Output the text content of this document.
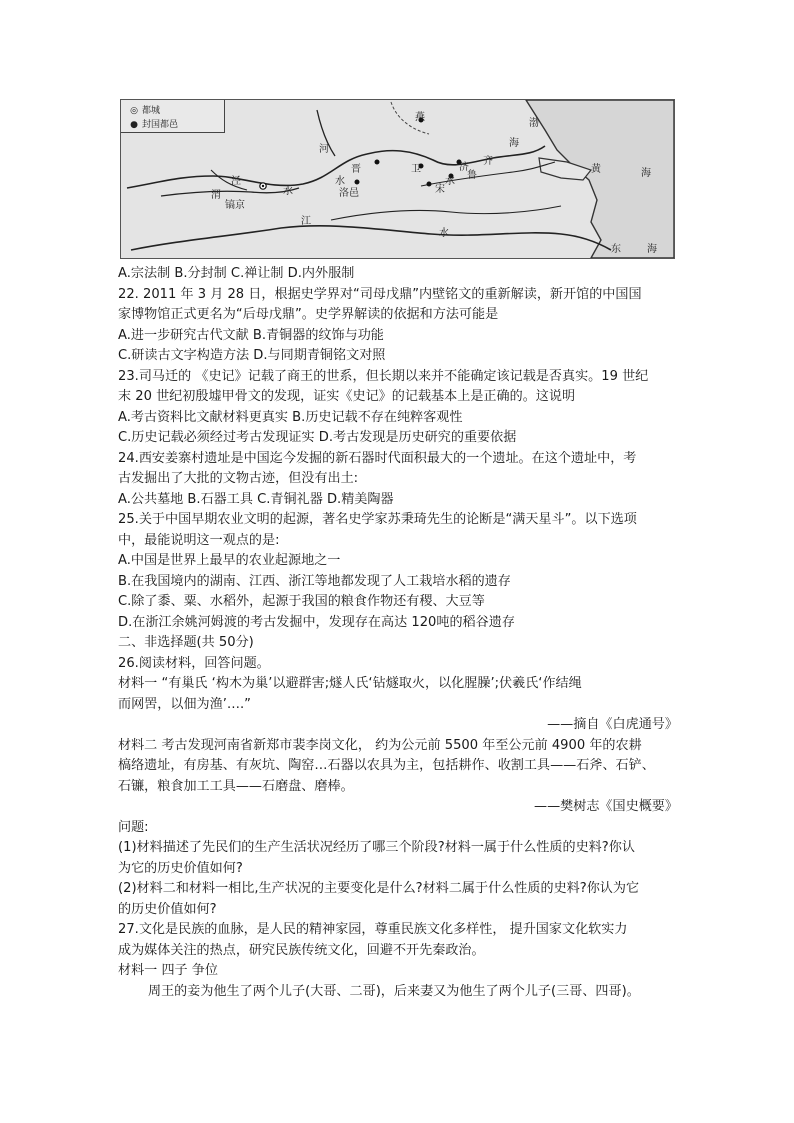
◎ 都城
● 封国都邑
燕
渤
海
黄	海
河
晋
水
卫	济
齐
水
鲁
宋
泾
水
渭
镐京
洛邑
江
水
东	海

A.宗法制 B.分封制 C.禅让制 D.内外服制

22. 2011 年 3 月 28 日，根据史学界对“司母戊鼎”内壁铭文的重新解读，新开馆的中国国

家博物馆正式更名为“后母戊鼎”。史学界解读的依据和方法可能是

A.进一步研究古代文献 B.青铜器的纹饰与功能

C.研读古文字构造方法 D.与同期青铜铭文对照

23.司马迁的 《史记》记载了商王的世系，但长期以来并不能确定该记载是否真实。19 世纪

末 20 世纪初殷墟甲骨文的发现，证实《史记》的记载基本上是正确的。这说明

A.考古资料比文献材料更真实 B.历史记载不存在纯粹客观性

C.历史记载必须经过考古发现证实 D.考古发现是历史研究的重要依据

24.西安姜寨村遗址是中国迄今发掘的新石器时代面积最大的一个遗址。在这个遗址中，考

古发掘出了大批的文物古迹，但没有出土:

A.公共墓地 B.石器工具 C.青铜礼器 D.精美陶器

25.关于中国早期农业文明的起源，著名史学家苏秉琦先生的论断是“满天星斗”。以下选项

中，最能说明这一观点的是:

A.中国是世界上最早的农业起源地之一

B.在我国境内的湖南、江西、浙江等地都发现了人工栽培水稻的遗存

C.除了黍、粟、水稻外，起源于我国的粮食作物还有稷、大豆等

D.在浙江余姚河姆渡的考古发掘中，发现存在高达 120吨的稻谷遗存

二、非选择题(共 50分)

26.阅读材料，回答问题。

材料一 “有巢氏 ‘构木为巢’以避群害;燧人氏‘钻燧取火，以化腥臊’;伏羲氏‘作结绳

而网罟，以佃为渔’….”

——摘自《白虎通号》

材料二 考古发现河南省新郑市裴李岗文化， 约为公元前 5500 年至公元前 4900 年的农耕

槁络遗址，有房基、有灰坑、陶窑…石器以农具为主，包括耕作、收割工具——石斧、石铲、

石镰，粮食加工工具——石磨盘、磨棒。

——樊树志《国史概要》

问题:

(1)材料描述了先民们的生产生活状况经历了哪三个阶段?材料一属于什么性质的史料?你认

为它的历史价值如何?

(2)材料二和材料一相比,生产状况的主要变化是什么?材料二属于什么性质的史料?你认为它

的历史价值如何?

27.文化是民族的血脉，是人民的精神家园，尊重民族文化多样性， 提升国家文化软实力

成为媒体关注的热点，研究民族传统文化，回避不开先秦政治。

材料一 四子 争位

周王的妾为他生了两个儿子(大哥、二哥)，后来妻又为他生了两个儿子(三哥、四哥)。
